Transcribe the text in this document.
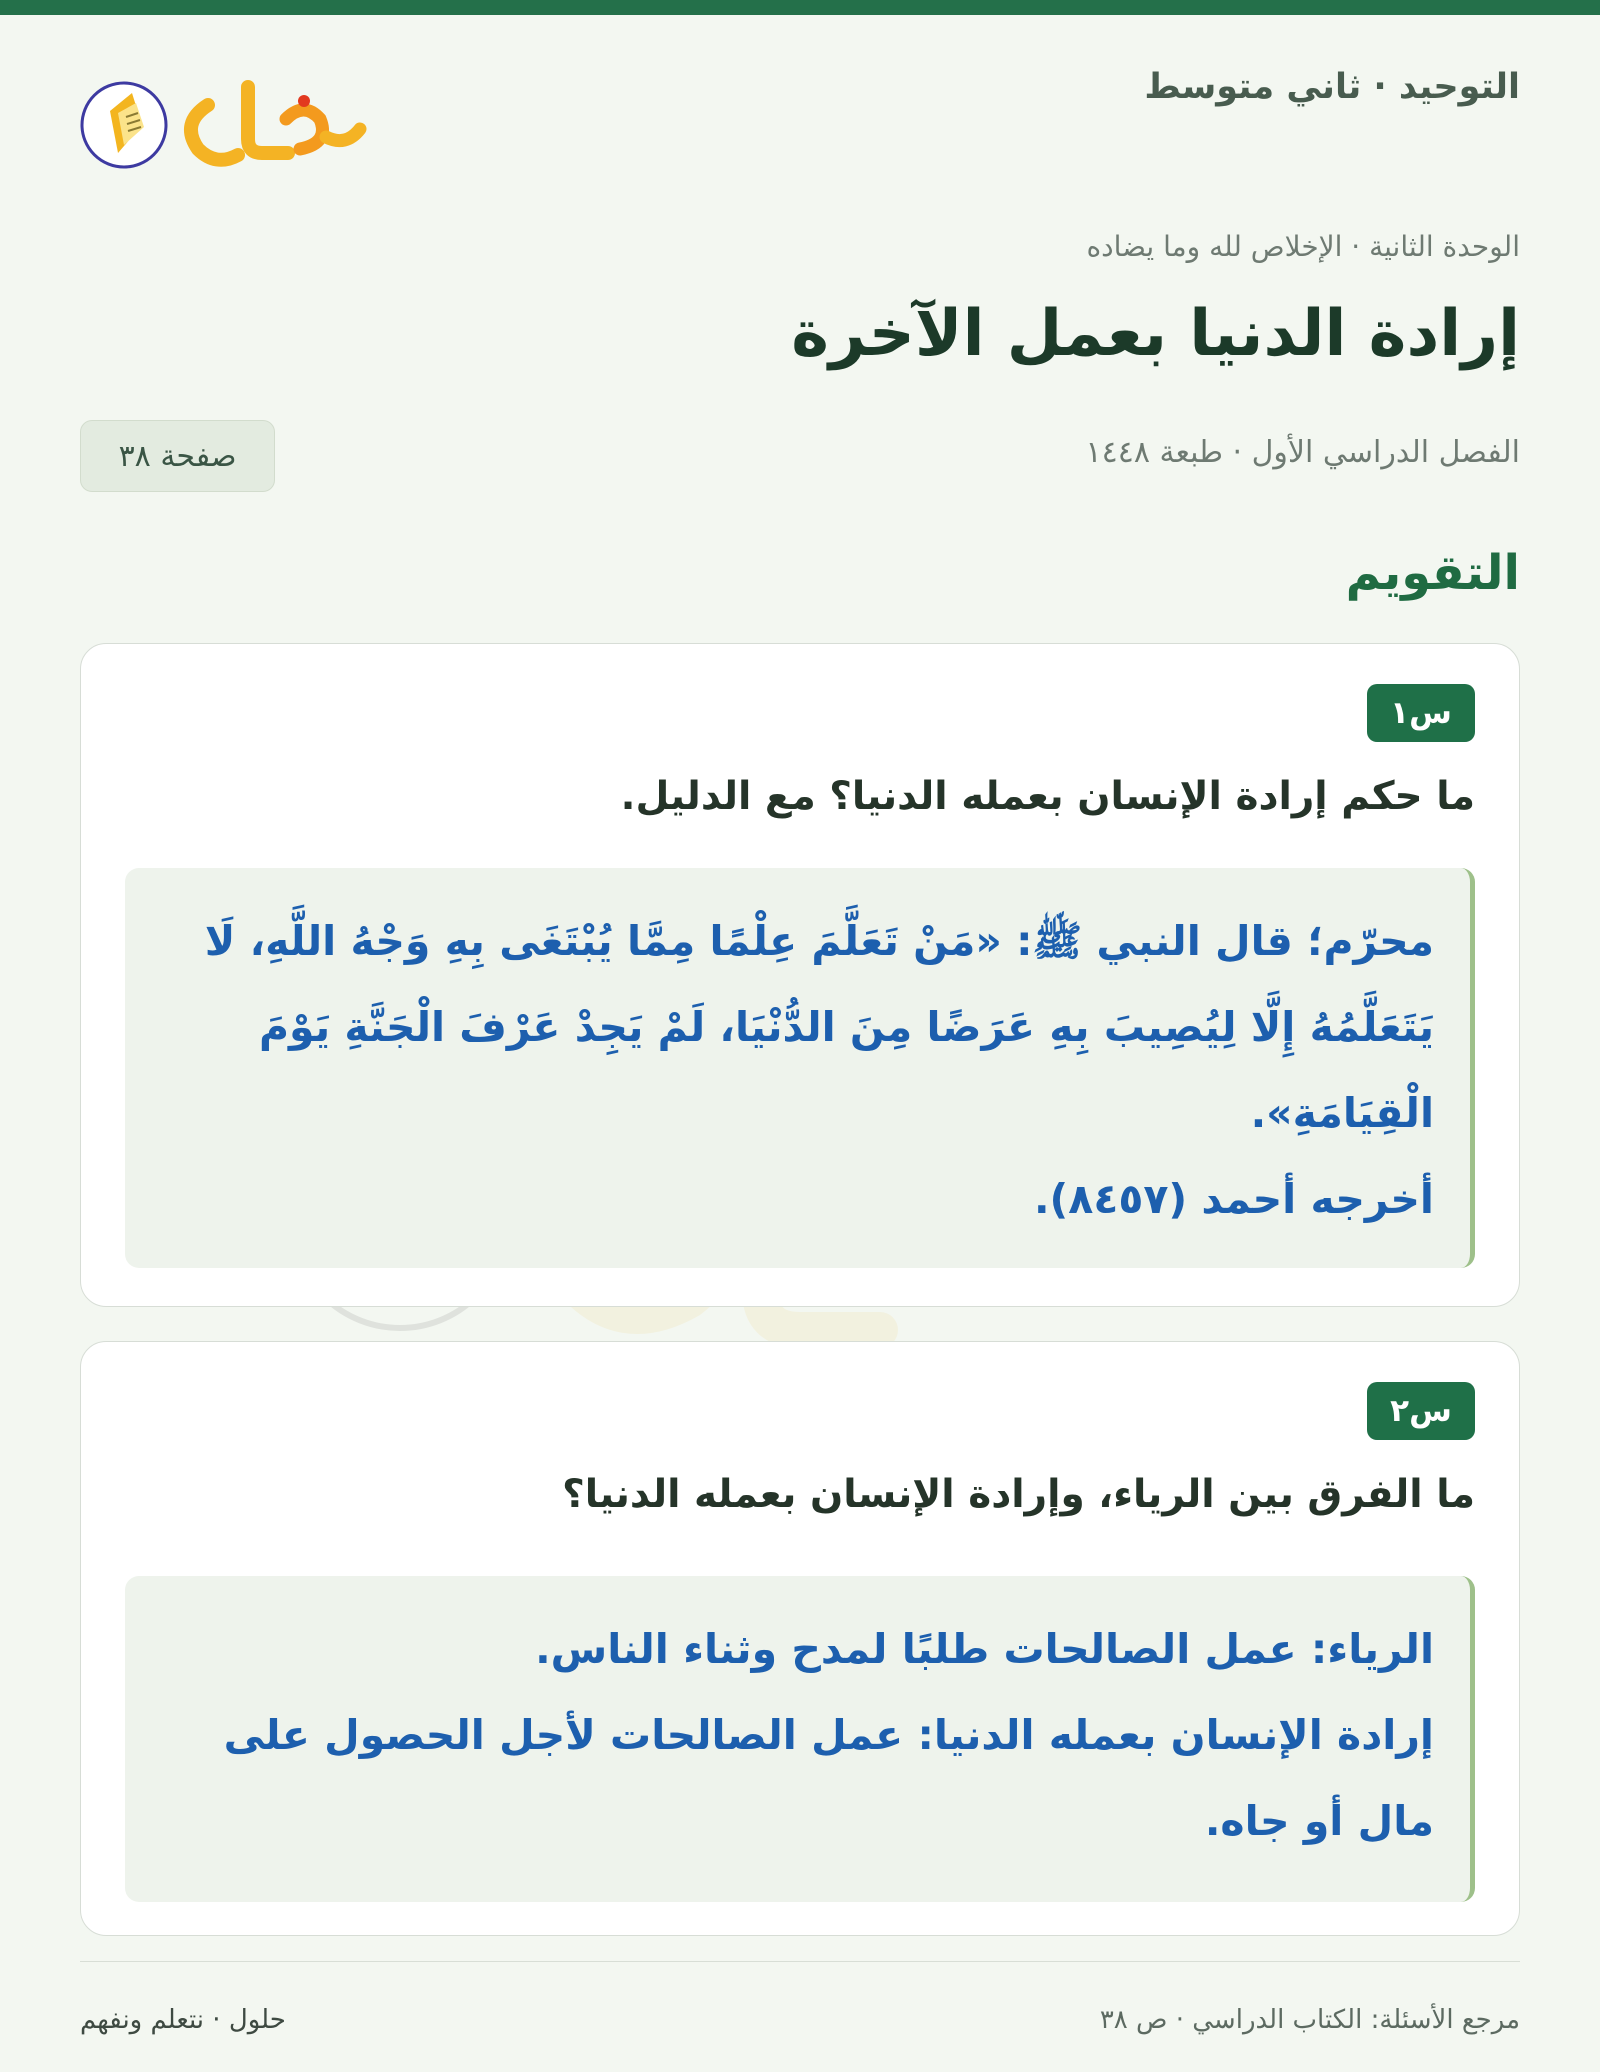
التوحيد · ثاني متوسط
الوحدة الثانية · الإخلاص لله وما يضاده
إرادة الدنيا بعمل الآخرة
الفصل الدراسي الأول · طبعة ١٤٤٨
صفحة ٣٨
التقويم
س١

ما حكم إرادة الإنسان بعمله الدنيا؟ مع الدليل.

محرّم؛ قال النبي ﷺ: «مَنْ تَعَلَّمَ عِلْمًا مِمَّا يُبْتَغَى بِهِ وَجْهُ اللَّهِ، لَا يَتَعَلَّمُهُ إِلَّا لِيُصِيبَ بِهِ عَرَضًا مِنَ الدُّنْيَا، لَمْ يَجِدْ عَرْفَ الْجَنَّةِ يَوْمَ الْقِيَامَةِ».

أخرجه أحمد (٨٤٥٧).

س٢

ما الفرق بين الرياء، وإرادة الإنسان بعمله الدنيا؟

الرياء: عمل الصالحات طلبًا لمدح وثناء الناس.

إرادة الإنسان بعمله الدنيا: عمل الصالحات لأجل الحصول على مال أو جاه.

مرجع الأسئلة: الكتاب الدراسي · ص ٣٨
حلول · نتعلم ونفهم
